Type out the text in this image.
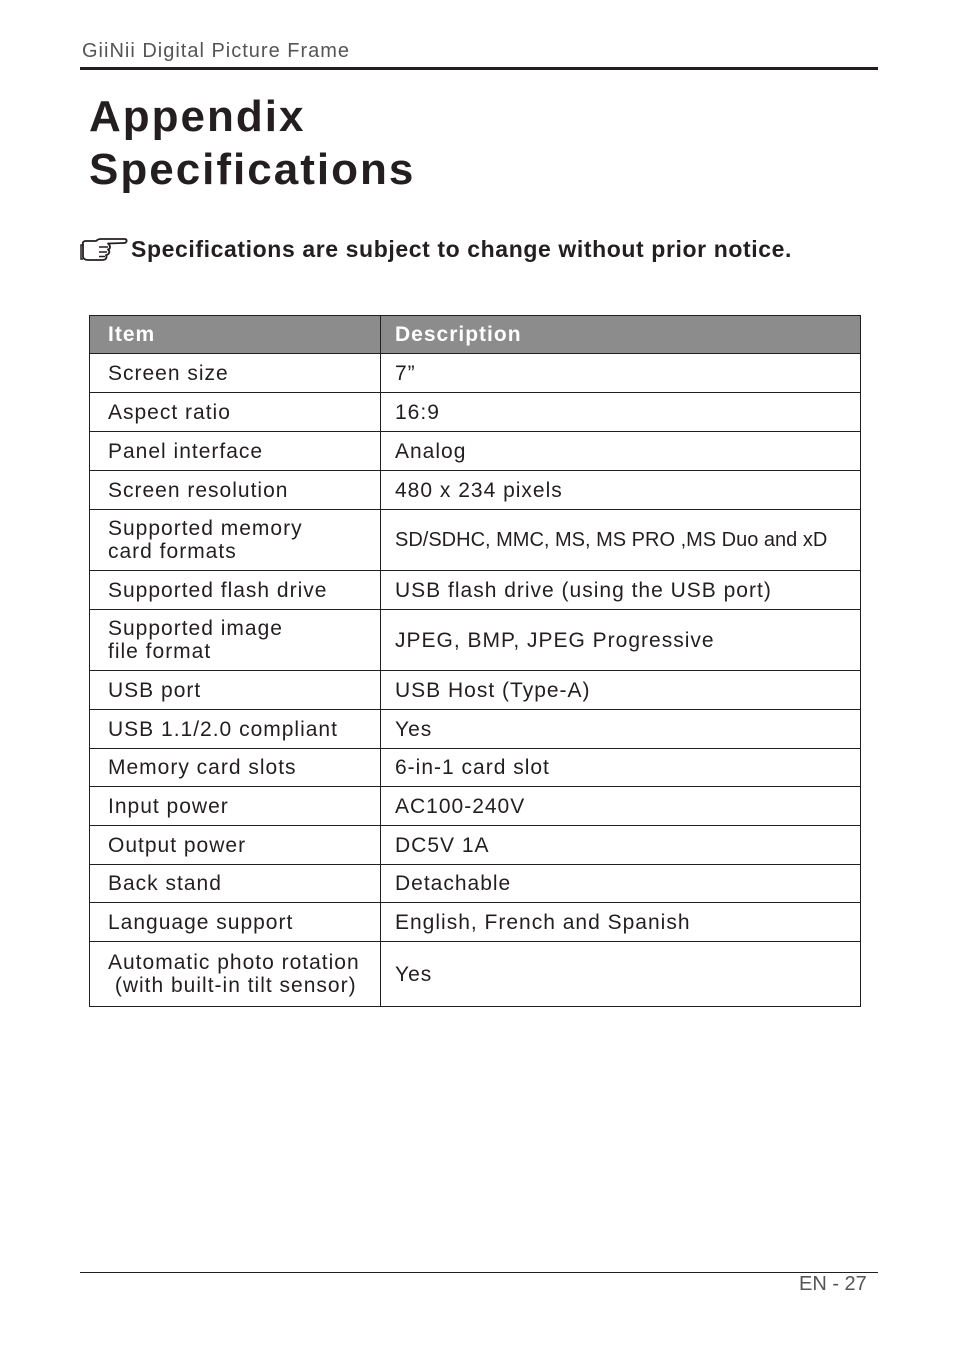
GiiNii Digital Picture Frame
Appendix
Specifications
Specifications are subject to change without prior notice.
Item	Description

Screen size	7”

Aspect ratio	16:9

Panel interface	Analog

Screen resolution	480 x 234 pixels

Supported memory
card formats	SD/SDHC, MMC, MS, MS PRO ,MS Duo and xD

Supported flash drive	USB flash drive (using the USB port)

Supported image
file format	JPEG, BMP, JPEG Progressive

USB port	USB Host (Type-A)

USB 1.1/2.0 compliant	Yes

Memory card slots	6-in-1 card slot

Input power	AC100-240V

Output power	DC5V 1A

Back stand	Detachable

Language support	English, French and Spanish

Automatic photo rotation
(with built-in tilt sensor)	Yes
EN - 27
